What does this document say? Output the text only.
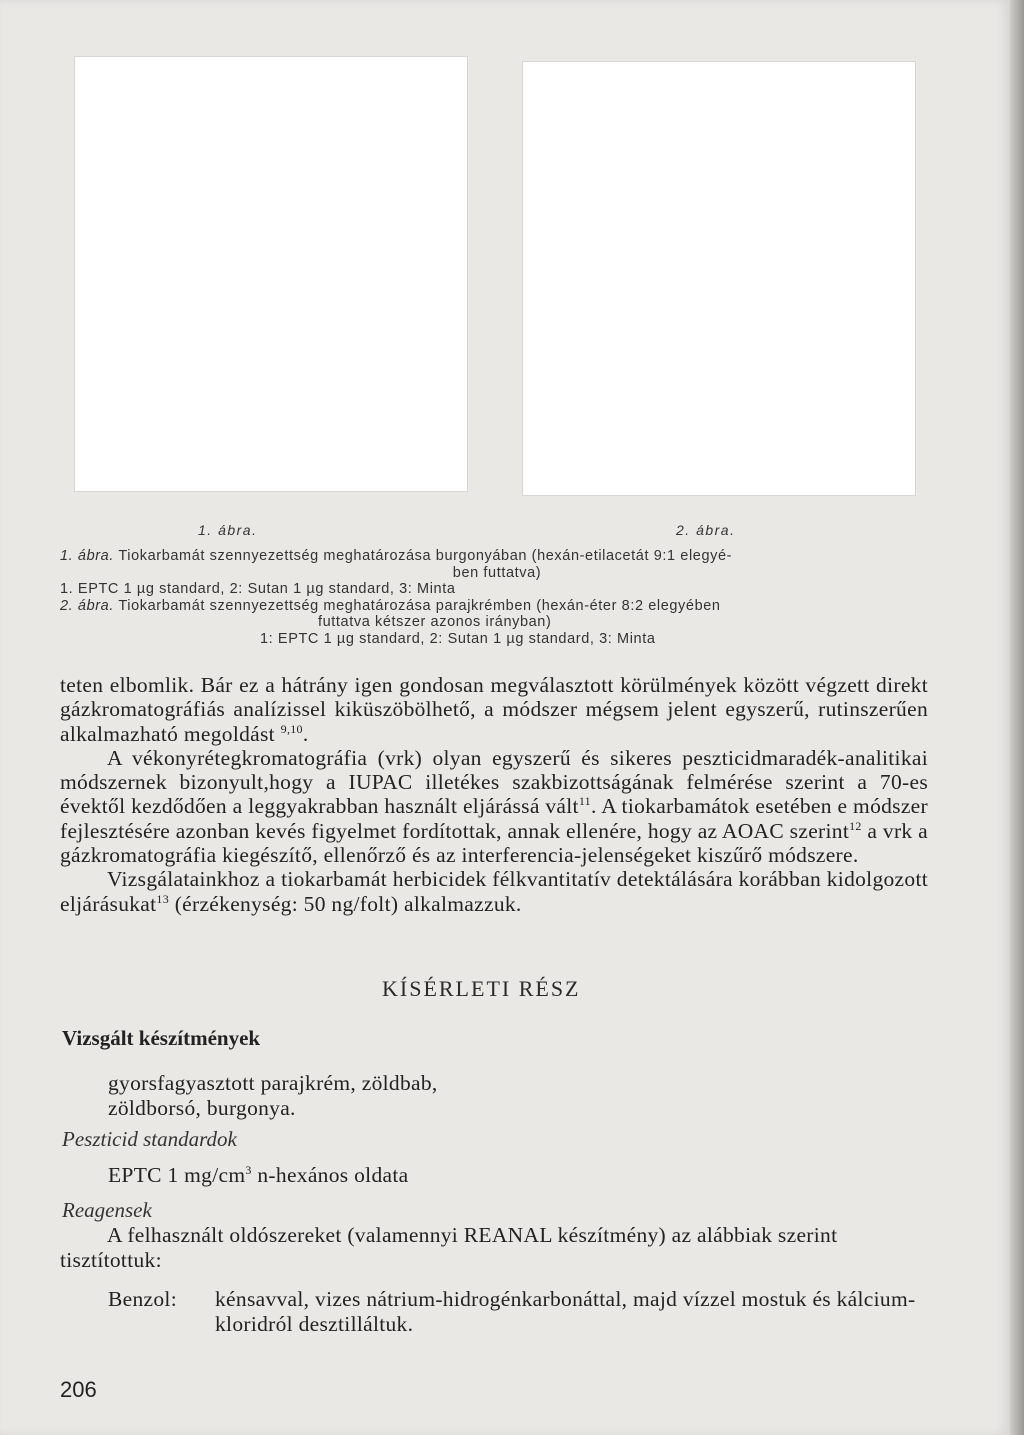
1. ábra.	2. ábra.

1. ábra. Tiokarbamát szennyezettség meghatározása burgonyában (hexán-etilacetát 9:1 elegyé-

ben futtatva)

1. EPTC 1 µg standard, 2: Sutan 1 µg standard, 3: Minta

2. ábra. Tiokarbamát szennyezettség meghatározása parajkrémben (hexán-éter 8:2 elegyében

futtatva kétszer azonos irányban)

1: EPTC 1 µg standard, 2: Sutan 1 µg standard, 3: Minta

teten elbomlik. Bár ez a hátrány igen gondosan megválasztott körülmények között végzett direkt gázkromatográfiás analízissel kiküszöbölhető, a módszer mégsem jelent egyszerű, rutinszerűen alkalmazható megoldást $^{9,10}$.

A vékonyrétegkromatográfia (vrk) olyan egyszerű és sikeres peszticidmaradék-analitikai módszernek bizonyult,hogy a IUPAC illetékes szakbizottságának felmérése szerint a 70-es évektől kezdődően a leggyakrabban használt eljárássá vált$^{11}$. A tiokarbamátok esetében e módszer fejlesztésére azonban kevés figyelmet fordítottak, annak ellenére, hogy az AOAC szerint$^{12}$ a vrk a gázkromatográfia kiegészítő, ellenőrző és az interferencia-jelenségeket kiszűrő módszere.

Vizsgálatainkhoz a tiokarbamát herbicidek félkvantitatív detektálására korábban kidolgozott eljárásukat$^{13}$ (érzékenység: 50 ng/folt) alkalmazzuk.

KÍSÉRLETI RÉSZ
Vizsgált készítmények
gyorsfagyasztott parajkrém, zöldbab,
zöldborsó, burgonya.
Peszticid standardok
EPTC 1 $mg/cm^3$ n-hexános oldata
Reagensek
A felhasznált oldószereket (valamennyi REANAL készítmény) az alábbiak szerint tisztítottuk:
Benzol: kénsavval, vizes nátrium-hidrogénkarbonáttal, majd vízzel mostuk és kálcium-kloridról desztilláltuk.
206
